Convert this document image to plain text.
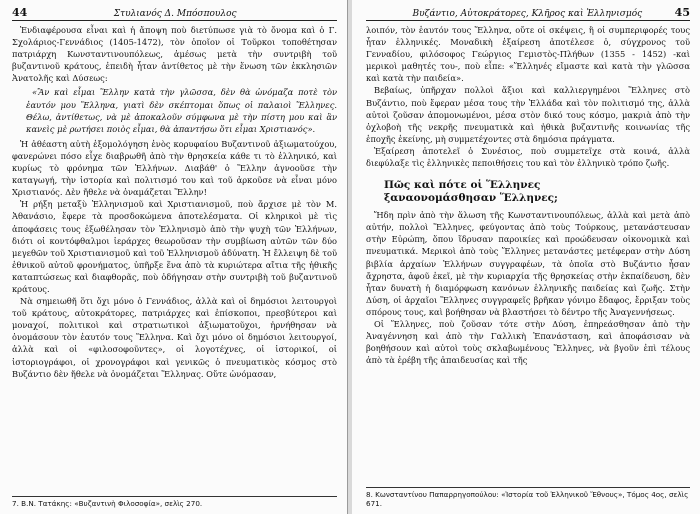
44	Στυλιανός Δ. Μπόσπουλος

Ἐνδιαφέρουσα εἶναι καὶ ἡ ἄποψη ποὺ διετύπωσε γιὰ τὸ ὄνομα καὶ ὁ Γ. Σχολάριος-Γεννάδιος (1405-1472), τὸν ὁποῖον οἱ Τοῦρκοι τοποθέτησαν πατριάρχη Κωνσταντινουπόλεως, ἀμέσως μετὰ τὴν συντριβὴ τοῦ βυζαντινοῦ κράτους, ἐπειδὴ ἦταν ἀντίθετος μὲ τὴν ἕνωση τῶν ἐκκλησιῶν Ἀνατολῆς καὶ Δύσεως:

«Ἂν καὶ εἶμαι Ἕλλην κατὰ τὴν γλῶσσα, δὲν θὰ ὡνόμαζα ποτὲ τὸν ἑαυτόν μου Ἕλληνα, γιατὶ δὲν σκέπτομαι ὅπως οἱ παλαιοὶ Ἕλληνες. Θέλω, ἀντίθετως, νὰ μὲ ἀποκαλοῦν σύμφωνα μὲ τὴν πίστη μου καὶ ἂν κανεὶς μὲ ρωτήσει ποιὸς εἶμαι, θὰ ἀπαντήσω ὅτι εἶμαι Χριστιανός».

Ἡ ἀθέαστη αὐτὴ ἐξομολόγηση ἑνὸς κορυφαίου Βυζαντινοῦ ἀξιωματούχου, φανερώνει πόσο εἶχε διαβρωθῆ ἀπὸ τὴν θρησκεία κάθε τι τὸ ἑλληνικό, καὶ κυρίως τὸ φρόνημα τῶν Ἑλλήνων. Διαβάθ' ὁ Ἕλλην ἀγνοοῦσε τὴν καταγωγή, τὴν ἱστορία καὶ πολιτισμό του καὶ τοῦ ἀρκοῦσε νὰ εἶναι μόνο Χριστιανός. Δὲν ἤθελε νὰ ὀναμάζεται Ἕλλην!

Ἡ ρήξη μεταξὺ Ἑλληνισμοῦ καὶ Χριστιανισμοῦ, ποὺ ἄρχισε μὲ τὸν Μ. Ἀθανάσιο, ἔφερε τὰ προσδοκώμενα ἀποτελέσματα. Οἱ κληρικοὶ μὲ τὶς ἀποφάσεις τους ἐξωθέλησαν τὸν Ἑλληνισμὸ ἀπὸ τὴν ψυχὴ τῶν Ἑλλήνων, διότι οἱ κοντόφθαλμοι ἱεράρχες θεωροῦσαν τὴν συμβίωση αὐτῶν τῶν δύο μεγεθῶν τοῦ Χριστιανισμοῦ καὶ τοῦ Ἑλληνισμοῦ ἀδύνατη. Ἡ ἔλλειψη δὲ τοῦ ἐθνικοῦ αὐτοῦ φρονήματος, ὑπῆρξε ἕνα ἀπὸ τὰ κυριώτερα αἴτια τῆς ἠθικῆς καταπτώσεως καὶ διαφθορᾶς, ποὺ ὁδήγησαν στὴν συντριβὴ τοῦ βυζαντινοῦ κράτους.

Νὰ σημειωθῆ ὅτι ὄχι μόνο ὁ Γεννάδιος, ἀλλὰ καὶ οἱ δημόσιοι λειτουργοὶ τοῦ κράτους, αὐτοκράτορες, πατριάρχες καὶ ἐπίσκοποι, πρεσβύτεροι καὶ μοναχοί, πολιτικοὶ καὶ στρατιωτικοὶ ἀξιωματοῦχοι, ἠρνήθησαν νὰ ὀνομάσουν τὸν ἑαυτόν τους Ἕλληνα. Καὶ ὄχι μόνο οἱ δημόσιοι λειτουργοί, ἀλλὰ καὶ οἱ «φιλοσοφοῦντες», οἱ λογοτέχνες, οἱ ἱστορικοί, οἱ ἱστοριογράφοι, οἱ χρονογράφοι καὶ γενικῶς ὁ πνευματικὸς κόσμος στὸ Βυζάντιο δὲν ἤθελε νὰ ὀνομάζεται Ἕλληνας. Οὔτε ὠνόμασαν,

7. Β.Ν. Τατάκης: «Βυζαντινὴ Φιλοσοφία», σελὶς 270.
Βυζάντιο, Αὐτοκράτορες, Κλῆρος καὶ Ἑλληνισμός	45

λοιπόν, τὸν ἑαυτόν τους Ἕλληνα, οὔτε οἱ σκέψεις, ἢ οἱ συμπεριφορές τους ἦταν ἑλληνικές. Μοναδικὴ ἐξαίρεση ἀποτέλεσε ὁ, σύγχρονος τοῦ Γενναδίου, φιλόσοφος Γεώργιος Γεμιστὸς-Πλήθων (1355 - 1452) -καὶ μερικοὶ μαθητές του-, ποὺ εἶπε: «Ἕλληνές εἴμαστε καὶ κατὰ τὴν γλῶσσα καὶ κατὰ τὴν παιδεία».

Βεβαίως, ὑπῆρχαν πολλοὶ ἄξιοι καὶ καλλιεργημένοι Ἕλληνες στὸ Βυζάντιο, ποὺ ἔφεραν μέσα τους τὴν Ἑλλάδα καὶ τὸν πολιτισμό της, ἀλλὰ αὐτοὶ ζοῦσαν ἀπομονωμένοι, μέσα στὸν δικό τους κόσμο, μακριὰ ἀπὸ τὴν ὀχλοβοὴ τῆς νεκρῆς πνευματικὰ καὶ ἠθικὰ βυζαντινῆς κοινωνίας τῆς ἐποχῆς ἐκείνης, μὴ συμμετέχοντες στὰ δημόσια πράγματα.

Ἐξαίρεση ἀποτελεῖ ὁ Συνέσιος, ποὺ συμμετεῖχε στὰ κοινά, ἀλλὰ διεφύλαξε τὶς ἑλληνικὲς πεποιθήσεις του καὶ τὸν ἑλληνικὸ τρόπο ζωῆς.

Πῶς καὶ πότε οἱ Ἕλληνες
ξαναονομάσθησαν Ἕλληνες;

Ἤδη πρὶν ἀπὸ τὴν ἅλωση τῆς Κωνσταντινουπόλεως, ἀλλὰ καὶ μετὰ ἀπὸ αὐτήν, πολλοὶ Ἕλληνες, φεύγοντας ἀπὸ τοὺς Τούρκους, μετανάστευσαν στὴν Εὐρώπη, ὅπου ἵδρυσαν παροικίες καὶ προώδευσαν οἰκονομικὰ καὶ πνευματικά. Μερικοὶ ἀπὸ τοὺς Ἕλληνες μετανάστες μετέφεραν στὴν Δύση βιβλία ἀρχαίων Ἑλλήνων συγγραφέων, τὰ ὁποῖα στὸ Βυζάντιο ἦσαν ἄχρηστα, ἀφοῦ ἐκεῖ, μὲ τὴν κυριαρχία τῆς θρησκείας στὴν ἐκπαίδευση, δὲν ἦταν δυνατὴ ἡ διαμόρφωση κανόνων ἑλληνικῆς παιδείας καὶ ζωῆς. Στὴν Δύση, οἱ ἀρχαῖοι Ἕλληνες συγγραφεῖς βρῆκαν γόνιμο ἔδαφος, ἔρριξαν τοὺς σπόρους τους, καὶ βοήθησαν νὰ βλαστήσει τὸ δέντρο τῆς Ἀναγεννήσεως.

Οἱ Ἕλληνες, ποὺ ζοῦσαν τότε στὴν Δύση, ἐπηρεάσθησαν ἀπὸ τὴν Ἀναγέννηση καὶ ἀπὸ τὴν Γαλλικὴ Ἐπανάσταση, καὶ ἀποφάσισαν νὰ βοηθήσουν καὶ αὐτοὶ τοὺς σκλαβωμένους Ἕλληνες, νὰ βγοῦν ἐπὶ τέλους ἀπὸ τὰ ἐρέβη τῆς ἀπαιδευσίας καὶ τῆς

8. Κωνσταντίνου Παπαρρηγοπούλου: «Ἱστορία τοῦ Ἑλληνικοῦ Ἔθνους», Τόμος 4ος, σελὶς 671.
